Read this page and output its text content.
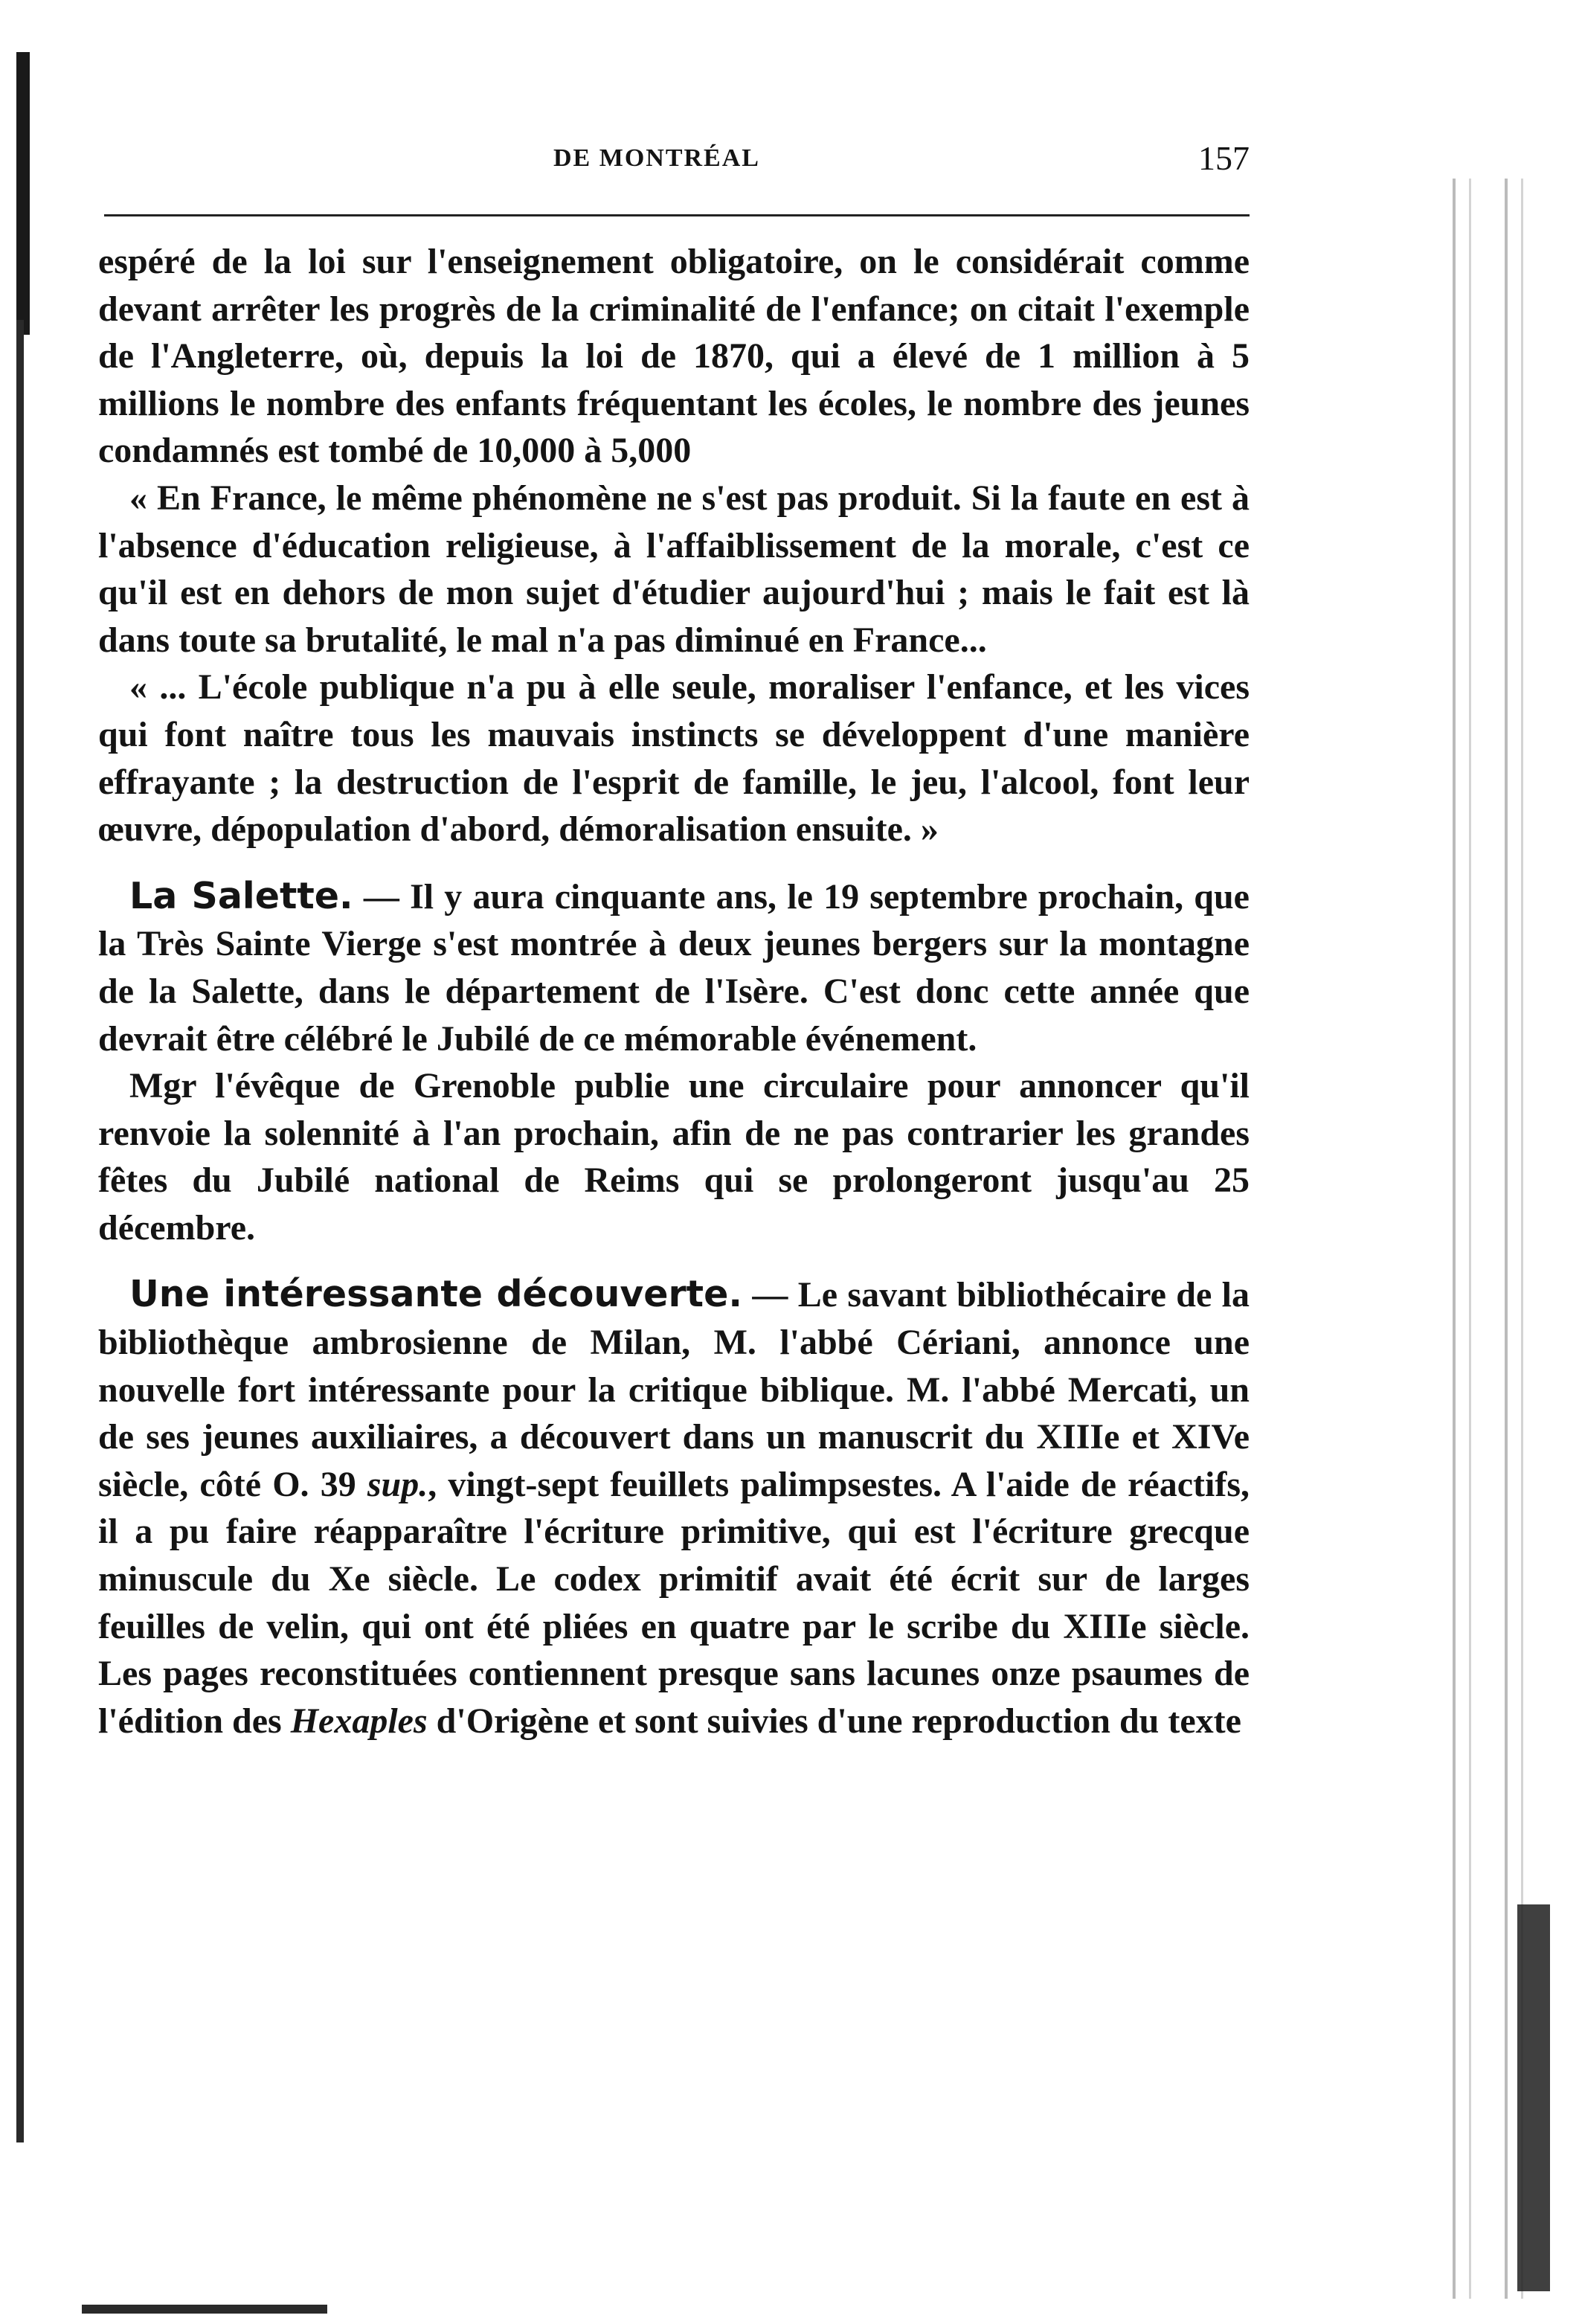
DE MONTRÉAL	157

espéré de la loi sur l'enseignement obligatoire, on le considérait comme devant arrêter les progrès de la criminalité de l'enfance; on citait l'exemple de l'Angleterre, où, depuis la loi de 1870, qui a élevé de 1 million à 5 millions le nombre des enfants fréquentant les écoles, le nombre des jeunes condamnés est tombé de 10,000 à 5,000

« En France, le même phénomène ne s'est pas produit. Si la faute en est à l'absence d'éducation religieuse, à l'affaiblissement de la morale, c'est ce qu'il est en dehors de mon sujet d'étudier aujourd'hui ; mais le fait est là dans toute sa brutalité, le mal n'a pas diminué en France...

« ... L'école publique n'a pu à elle seule, moraliser l'enfance, et les vices qui font naître tous les mauvais instincts se développent d'une manière effrayante ; la destruction de l'esprit de famille, le jeu, l'alcool, font leur œuvre, dépopulation d'abord, démoralisation ensuite. »

La Salette. — Il y aura cinquante ans, le 19 septembre prochain, que la Très Sainte Vierge s'est montrée à deux jeunes bergers sur la montagne de la Salette, dans le département de l'Isère. C'est donc cette année que devrait être célébré le Jubilé de ce mémorable événement.

Mgr l'évêque de Grenoble publie une circulaire pour annoncer qu'il renvoie la solennité à l'an prochain, afin de ne pas contrarier les grandes fêtes du Jubilé national de Reims qui se prolongeront jusqu'au 25 décembre.

Une intéressante découverte. — Le savant bibliothécaire de la bibliothèque ambrosienne de Milan, M. l'abbé Cériani, annonce une nouvelle fort intéressante pour la critique biblique. M. l'abbé Mercati, un de ses jeunes auxiliaires, a découvert dans un manuscrit du XIIIe et XIVe siècle, côté O. 39 sup., vingt-sept feuillets palimpsestes. A l'aide de réactifs, il a pu faire réapparaître l'écriture primitive, qui est l'écriture grecque minuscule du Xe siècle. Le codex primitif avait été écrit sur de larges feuilles de velin, qui ont été pliées en quatre par le scribe du XIIIe siècle. Les pages reconstituées contiennent presque sans lacunes onze psaumes de l'édition des Hexaples d'Origène et sont suivies d'une reproduction du texte
